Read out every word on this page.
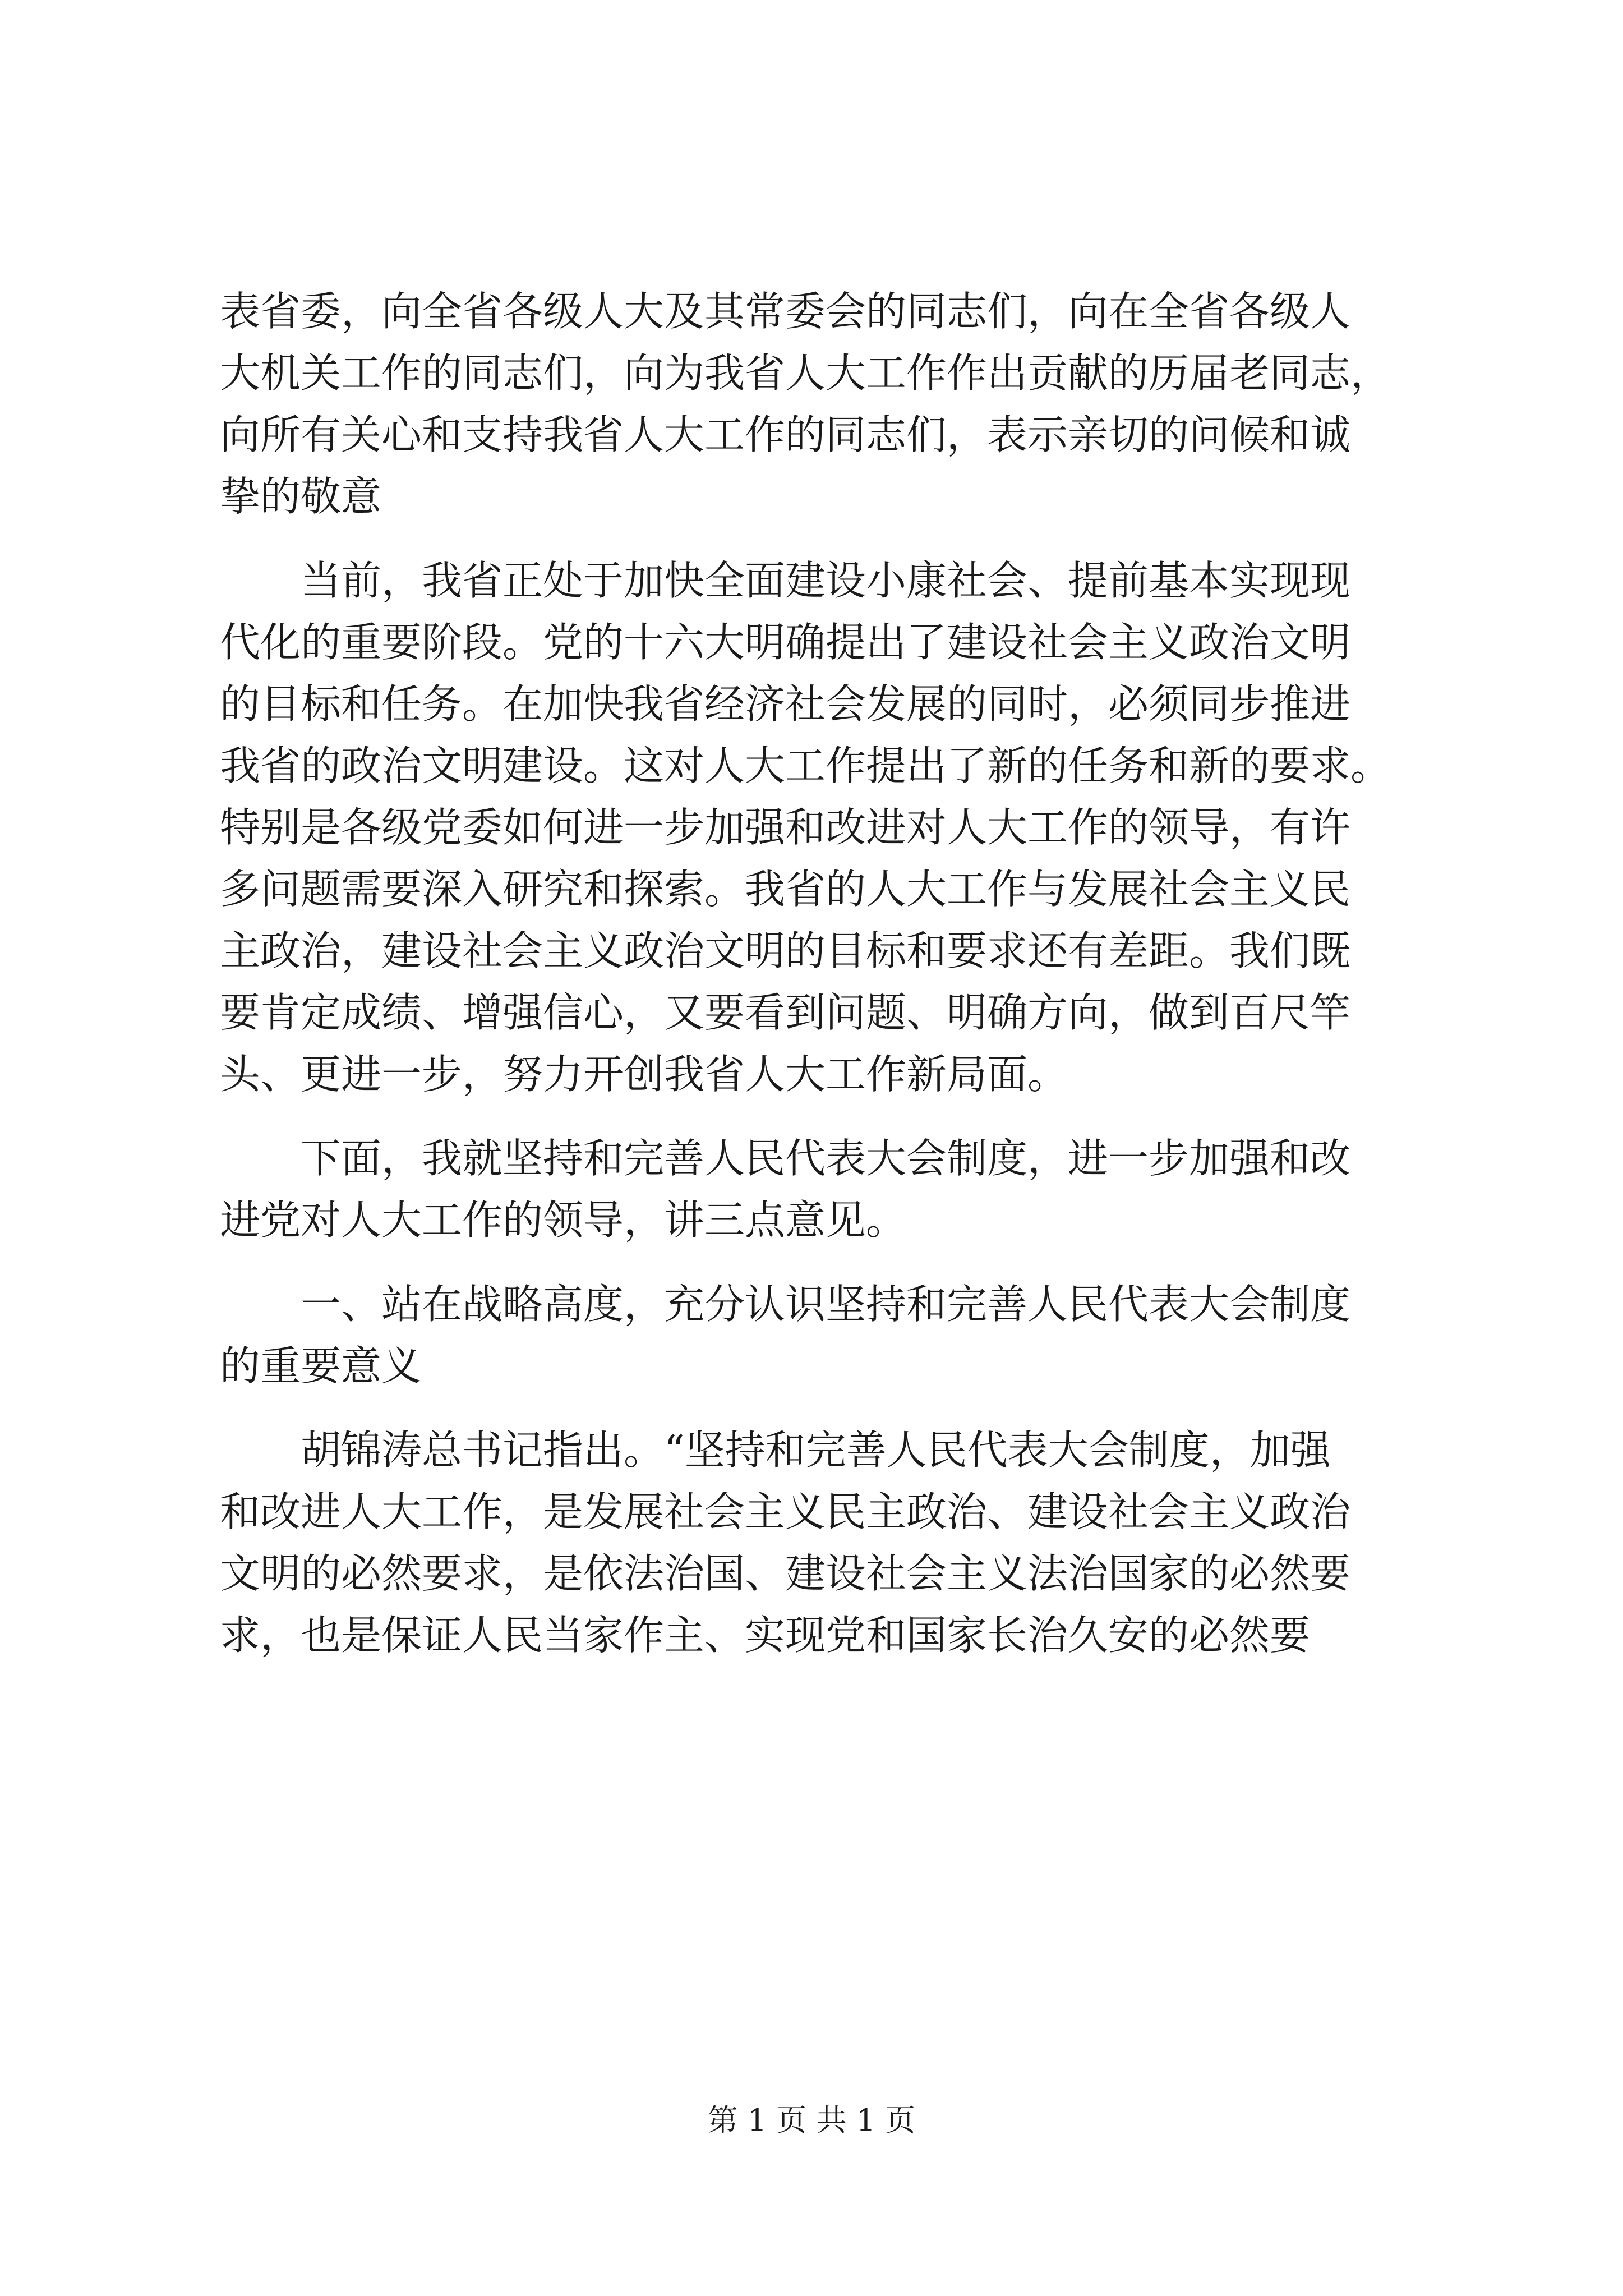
表省委，向全省各级人大及其常委会的同志们，向在全省各级人
大机关工作的同志们，向为我省人大工作作出贡献的历届老同志，
向所有关心和支持我省人大工作的同志们，表示亲切的问候和诚
挚的敬意
当前，我省正处于加快全面建设小康社会、提前基本实现现
代化的重要阶段。党的十六大明确提出了建设社会主义政治文明
的目标和任务。在加快我省经济社会发展的同时，必须同步推进
我省的政治文明建设。这对人大工作提出了新的任务和新的要求。
特别是各级党委如何进一步加强和改进对人大工作的领导，有许
多问题需要深入研究和探索。我省的人大工作与发展社会主义民
主政治，建设社会主义政治文明的目标和要求还有差距。我们既
要肯定成绩、增强信心，又要看到问题、明确方向，做到百尺竿
头、更进一步，努力开创我省人大工作新局面。
下面，我就坚持和完善人民代表大会制度，进一步加强和改
进党对人大工作的领导，讲三点意见。
一、站在战略高度，充分认识坚持和完善人民代表大会制度
的重要意义
胡锦涛总书记指出。“坚持和完善人民代表大会制度，加强
和改进人大工作，是发展社会主义民主政治、建设社会主义政治
文明的必然要求，是依法治国、建设社会主义法治国家的必然要
求，也是保证人民当家作主、实现党和国家长治久安的必然要
第 1 页 共 1 页
